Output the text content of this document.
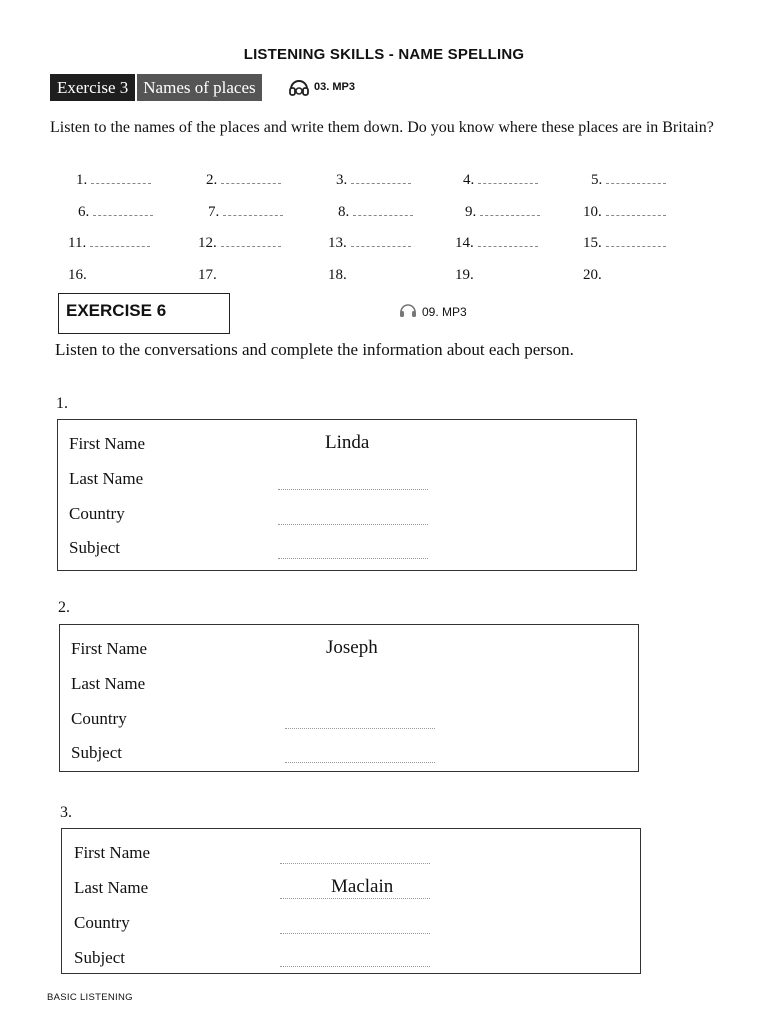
LISTENING SKILLS - NAME SPELLING
Exercise 3 Names of places	03. MP3
Listen to the names of the places and write them down. Do you know where these places are in Britain?
1.	2.	3.	4.	5.
6.	7.	8.	9.	10.
11.	12.	13.	14.	15.
16.	17.	18.	19.	20.
EXERCISE 6	09. MP3
Listen to the conversations and complete the information about each person.
1.
First Name	Linda
Last Name
Country
Subject
2.
First Name	Joseph
Last Name
Country
Subject
3.
First Name
Last Name	Maclain
Country
Subject
BASIC LISTENING
